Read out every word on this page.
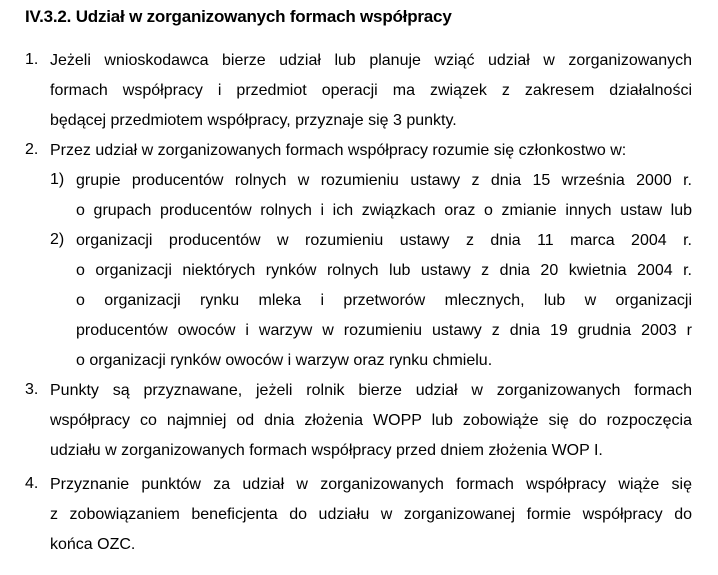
IV.3.2. Udział w zorganizowanych formach współpracy
1. Jeżeli wnioskodawca bierze udział lub planuje wziąć udział w zorganizowanych
formach współpracy i przedmiot operacji ma związek z zakresem działalności
będącej przedmiotem współpracy, przyznaje się 3 punkty.
2. Przez udział w zorganizowanych formach współpracy rozumie się członkostwo w:
1) grupie producentów rolnych w rozumieniu ustawy z dnia 15 września 2000 r.
o grupach producentów rolnych i ich związkach oraz o zmianie innych ustaw lub
2) organizacji producentów w rozumieniu ustawy z dnia 11 marca 2004 r.
o organizacji niektórych rynków rolnych lub ustawy z dnia 20 kwietnia 2004 r.
o organizacji rynku mleka i przetworów mlecznych, lub w organizacji
producentów owoców i warzyw w rozumieniu ustawy z dnia 19 grudnia 2003 r
o organizacji rynków owoców i warzyw oraz rynku chmielu.
3. Punkty są przyznawane, jeżeli rolnik bierze udział w zorganizowanych formach
współpracy co najmniej od dnia złożenia WOPP lub zobowiąże się do rozpoczęcia
udziału w zorganizowanych formach współpracy przed dniem złożenia WOP I.
4. Przyznanie punktów za udział w zorganizowanych formach współpracy wiąże się
z zobowiązaniem beneficjenta do udziału w zorganizowanej formie współpracy do
końca OZC.
